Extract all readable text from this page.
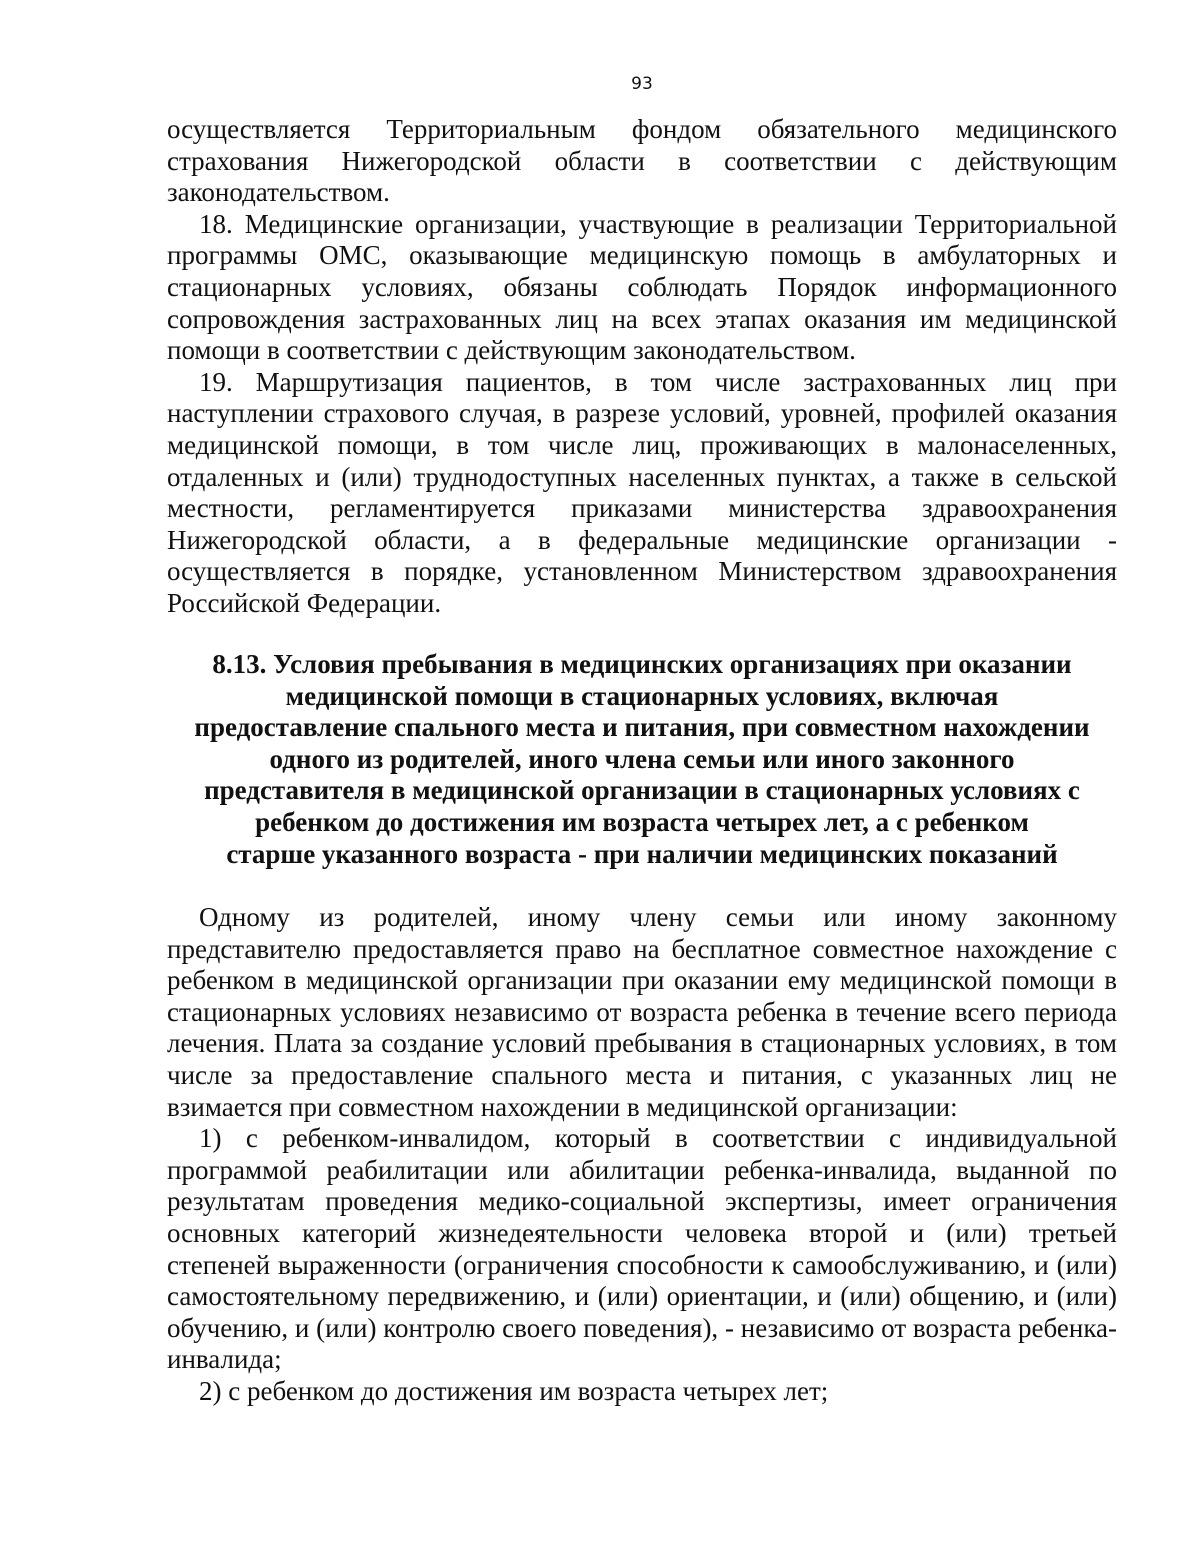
93

осуществляется Территориальным фондом обязательного медицинского страхования Нижегородской области в соответствии с действующим законодательством.

18. Медицинские организации, участвующие в реализации Территориальной программы ОМС, оказывающие медицинскую помощь в амбулаторных и стационарных условиях, обязаны соблюдать Порядок информационного сопровождения застрахованных лиц на всех этапах оказания им медицинской помощи в соответствии с действующим законодательством.

19. Маршрутизация пациентов, в том числе застрахованных лиц при наступлении страхового случая, в разрезе условий, уровней, профилей оказания медицинской помощи, в том числе лиц, проживающих в малонаселенных, отдаленных и (или) труднодоступных населенных пунктах, а также в сельской местности, регламентируется приказами министерства здравоохранения Нижегородской области, а в федеральные медицинские организации - осуществляется в порядке, установленном Министерством здравоохранения Российской Федерации.

8.13. Условия пребывания в медицинских организациях при оказании
медицинской помощи в стационарных условиях, включая
предоставление спального места и питания, при совместном нахождении
одного из родителей, иного члена семьи или иного законного
представителя в медицинской организации в стационарных условиях с
ребенком до достижения им возраста четырех лет, а с ребенком
старше указанного возраста - при наличии медицинских показаний

Одному из родителей, иному члену семьи или иному законному представителю предоставляется право на бесплатное совместное нахождение с ребенком в медицинской организации при оказании ему медицинской помощи в стационарных условиях независимо от возраста ребенка в течение всего периода лечения. Плата за создание условий пребывания в стационарных условиях, в том числе за предоставление спального места и питания, с указанных лиц не взимается при совместном нахождении в медицинской организации:

1) с ребенком-инвалидом, который в соответствии с индивидуальной программой реабилитации или абилитации ребенка-инвалида, выданной по результатам проведения медико-социальной экспертизы, имеет ограничения основных категорий жизнедеятельности человека второй и (или) третьей степеней выраженности (ограничения способности к самообслуживанию, и (или) самостоятельному передвижению, и (или) ориентации, и (или) общению, и (или) обучению, и (или) контролю своего поведения), - независимо от возраста ребенка-инвалида;

2) с ребенком до достижения им возраста четырех лет;
